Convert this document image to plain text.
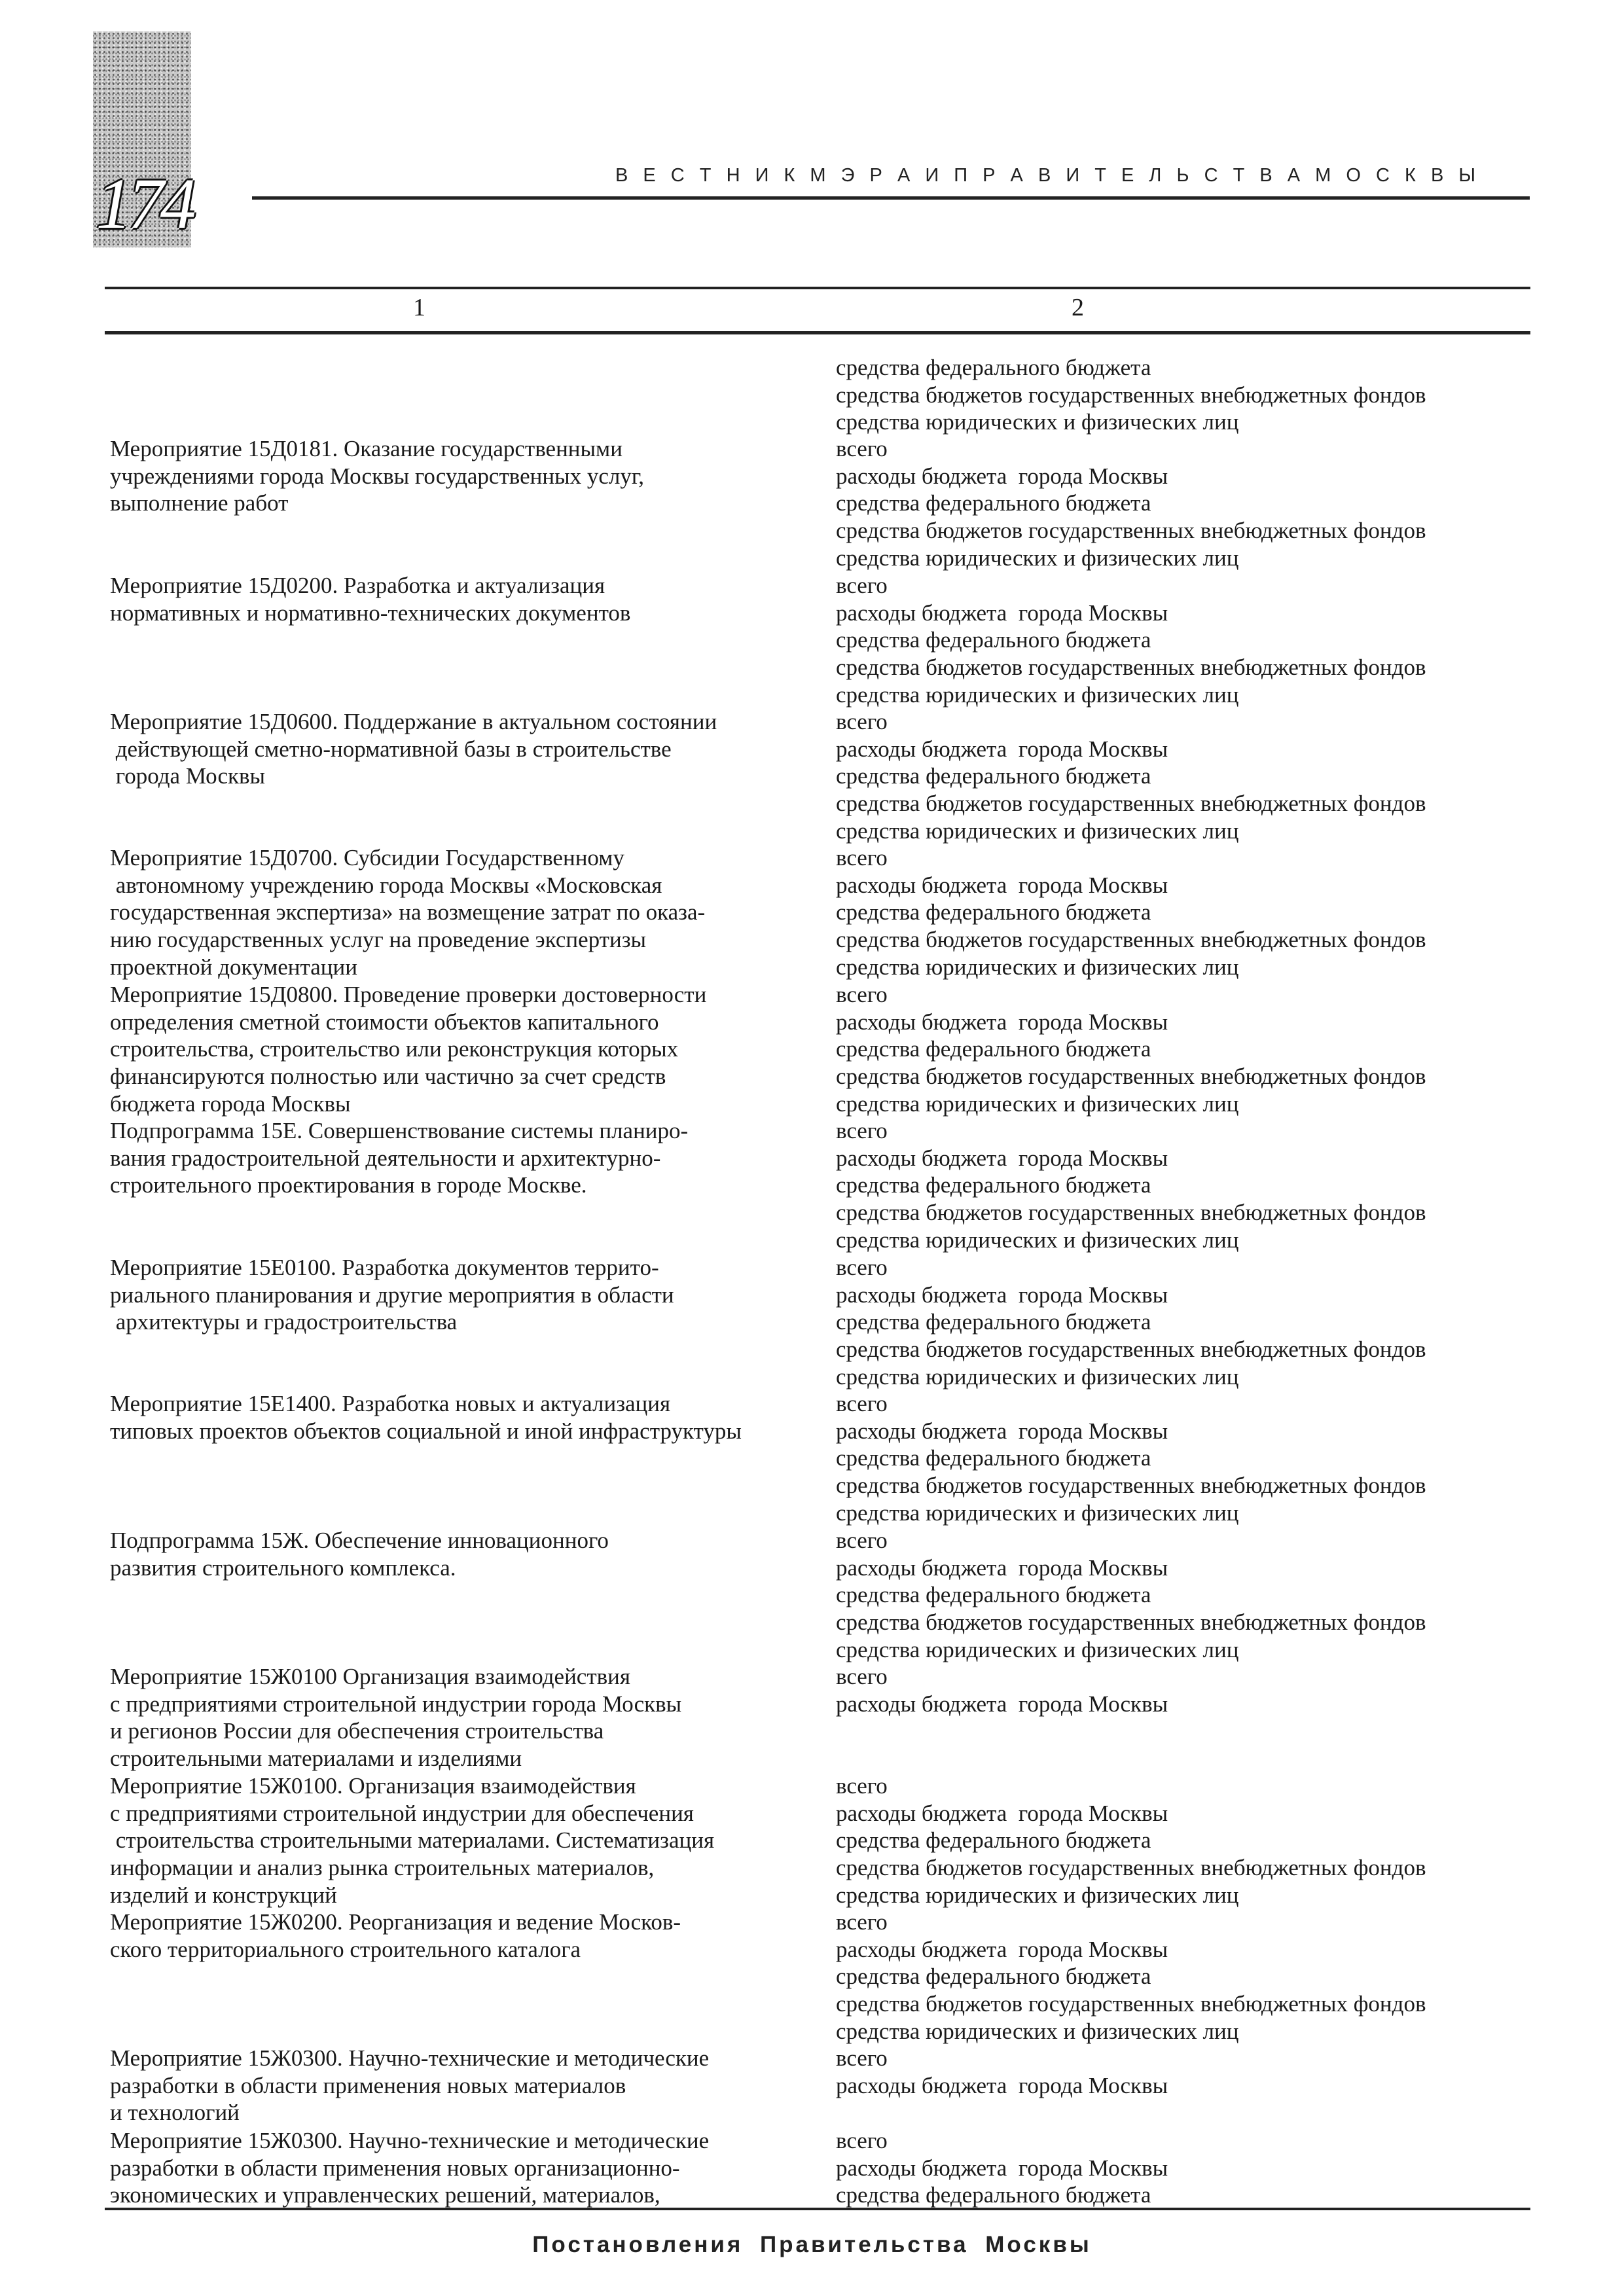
174	В Е С Т Н И К М Э Р А И П Р А В И Т Е Л Ь С Т В А М О С К В Ы
1	2
средства федерального бюджета
средства бюджетов государственных внебюджетных фондов
средства юридических и физических лиц
Мероприятие 15Д0181. Оказание государственными
учреждениями города Москвы государственных услуг,
выполнение работ
всего
расходы бюджета  города Москвы
средства федерального бюджета
средства бюджетов государственных внебюджетных фондов
средства юридических и физических лиц
Мероприятие 15Д0200. Разработка и актуализация
нормативных и нормативно-технических документов
всего
расходы бюджета  города Москвы
средства федерального бюджета
средства бюджетов государственных внебюджетных фондов
средства юридических и физических лиц
Мероприятие 15Д0600. Поддержание в актуальном состоянии
действующей сметно-нормативной базы в строительстве
города Москвы
всего
расходы бюджета  города Москвы
средства федерального бюджета
средства бюджетов государственных внебюджетных фондов
средства юридических и физических лиц
Мероприятие 15Д0700. Субсидии Государственному
автономному учреждению города Москвы «Московская
государственная экспертиза» на возмещение затрат по оказа-
нию государственных услуг на проведение экспертизы
проектной документации
всего
расходы бюджета  города Москвы
средства федерального бюджета
средства бюджетов государственных внебюджетных фондов
средства юридических и физических лиц
Мероприятие 15Д0800. Проведение проверки достоверности
определения сметной стоимости объектов капитального
строительства, строительство или реконструкция которых
финансируются полностью или частично за счет средств
бюджета города Москвы
всего
расходы бюджета  города Москвы
средства федерального бюджета
средства бюджетов государственных внебюджетных фондов
средства юридических и физических лиц
Подпрограмма 15Е. Совершенствование системы планиро-
вания градостроительной деятельности и архитектурно-
строительного проектирования в городе Москве.
всего
расходы бюджета  города Москвы
средства федерального бюджета
средства бюджетов государственных внебюджетных фондов
средства юридических и физических лиц
Мероприятие 15Е0100. Разработка документов террито-
риального планирования и другие мероприятия в области
архитектуры и градостроительства
всего
расходы бюджета  города Москвы
средства федерального бюджета
средства бюджетов государственных внебюджетных фондов
средства юридических и физических лиц
Мероприятие 15Е1400. Разработка новых и актуализация
типовых проектов объектов социальной и иной инфраструктуры
всего
расходы бюджета  города Москвы
средства федерального бюджета
средства бюджетов государственных внебюджетных фондов
средства юридических и физических лиц
Подпрограмма 15Ж. Обеспечение инновационного
развития строительного комплекса.
всего
расходы бюджета  города Москвы
средства федерального бюджета
средства бюджетов государственных внебюджетных фондов
средства юридических и физических лиц
Мероприятие 15Ж0100 Организация взаимодействия
с предприятиями строительной индустрии города Москвы
и регионов России для обеспечения строительства
строительными материалами и изделиями
всего
расходы бюджета  города Москвы
Мероприятие 15Ж0100. Организация взаимодействия
с предприятиями строительной индустрии для обеспечения
строительства строительными материалами. Систематизация
информации и анализ рынка строительных материалов,
изделий и конструкций
всего
расходы бюджета  города Москвы
средства федерального бюджета
средства бюджетов государственных внебюджетных фондов
средства юридических и физических лиц
Мероприятие 15Ж0200. Реорганизация и ведение Москов-
ского территориального строительного каталога
всего
расходы бюджета  города Москвы
средства федерального бюджета
средства бюджетов государственных внебюджетных фондов
средства юридических и физических лиц
Мероприятие 15Ж0300. Научно-технические и методические
разработки в области применения новых материалов
и технологий
всего
расходы бюджета  города Москвы
Мероприятие 15Ж0300. Научно-технические и методические
разработки в области применения новых организационно-
экономических и управленческих решений, материалов,
всего
расходы бюджета  города Москвы
средства федерального бюджета
Постановления Правительства Москвы
